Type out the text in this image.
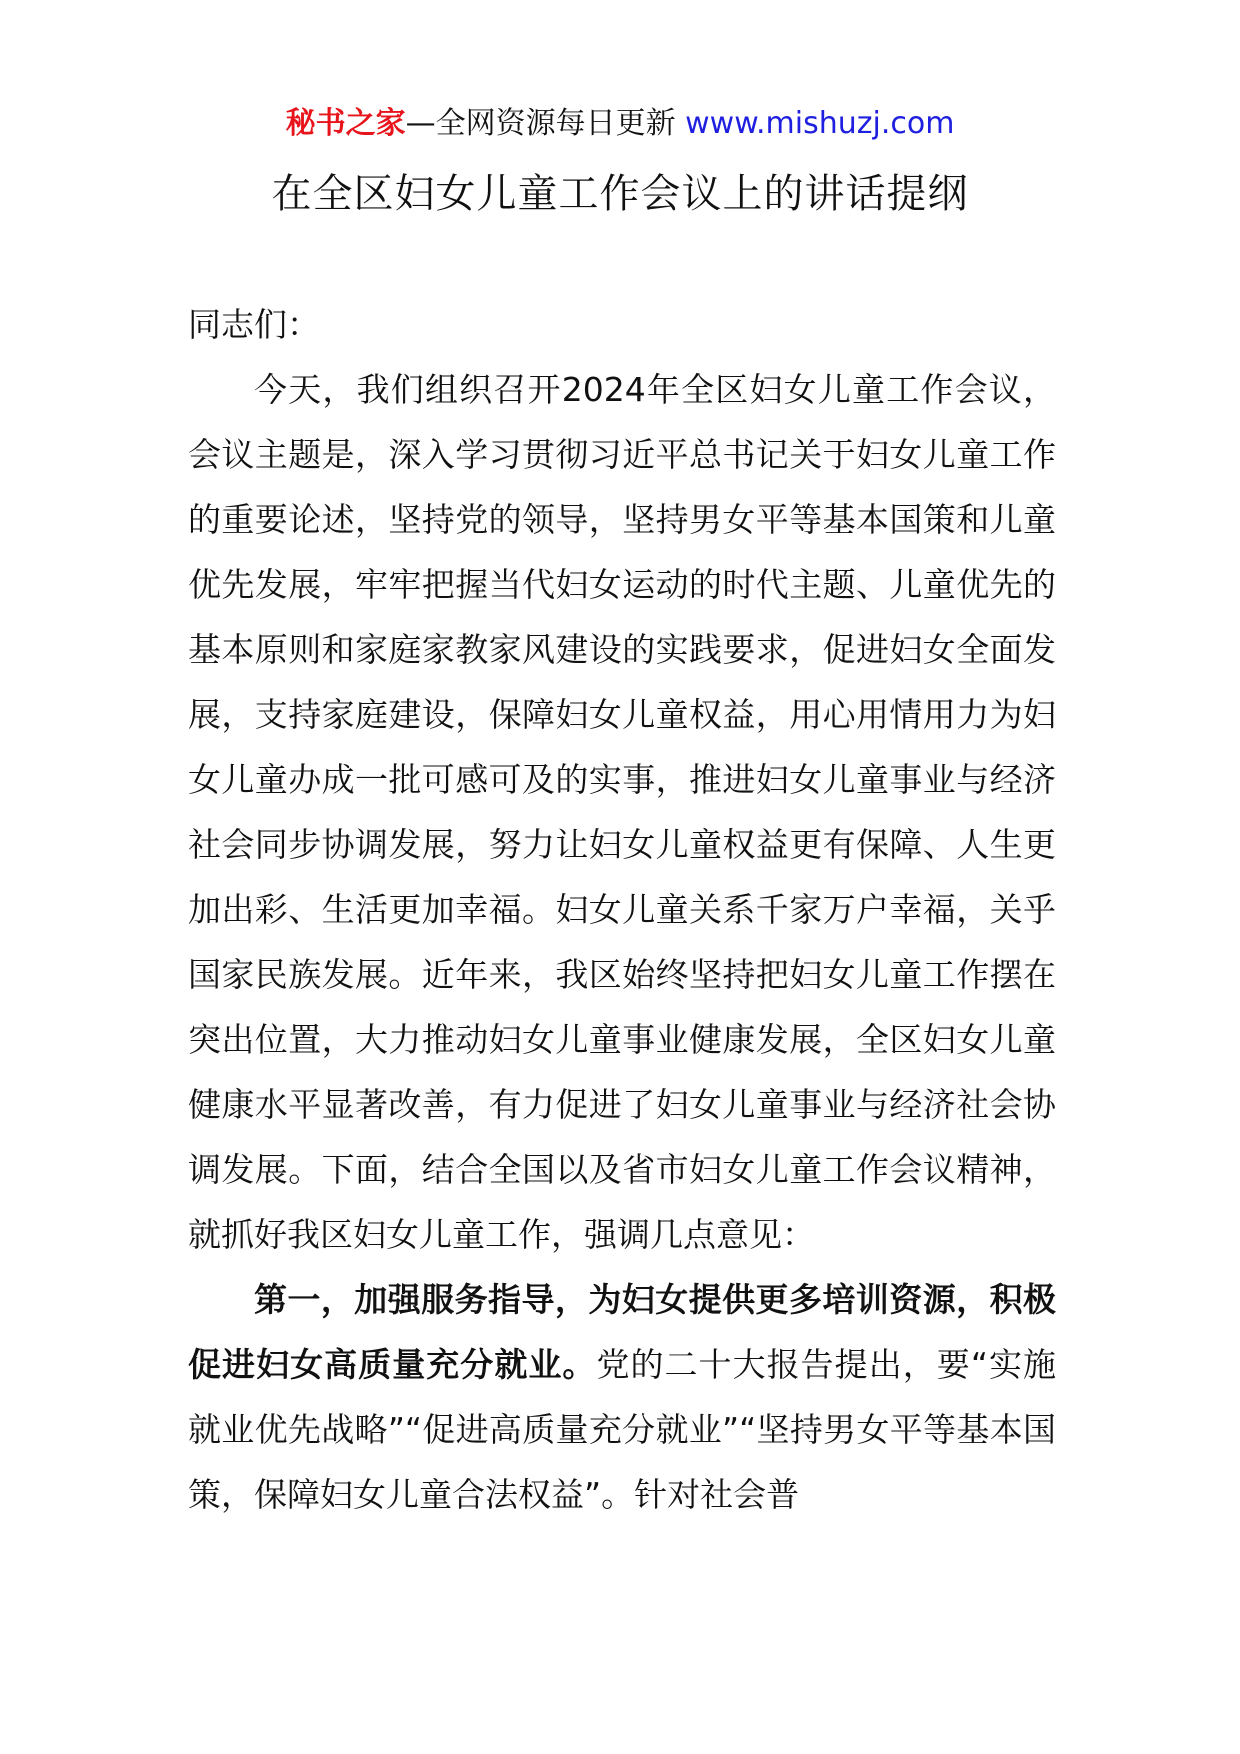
秘书之家—全网资源每日更新 www.mishuzj.com
在全区妇女儿童工作会议上的讲话提纲

同志们：

今天，我们组织召开2024年全区妇女儿童工作会议，会议主题是，深入学习贯彻习近平总书记关于妇女儿童工作的重要论述，坚持党的领导，坚持男女平等基本国策和儿童优先发展，牢牢把握当代妇女运动的时代主题、儿童优先的基本原则和家庭家教家风建设的实践要求，促进妇女全面发展，支持家庭建设，保障妇女儿童权益，用心用情用力为妇女儿童办成一批可感可及的实事，推进妇女儿童事业与经济社会同步协调发展，努力让妇女儿童权益更有保障、人生更加出彩、生活更加幸福。妇女儿童关系千家万户幸福，关乎国家民族发展。近年来，我区始终坚持把妇女儿童工作摆在突出位置，大力推动妇女儿童事业健康发展，全区妇女儿童健康水平显著改善，有力促进了妇女儿童事业与经济社会协调发展。下面，结合全国以及省市妇女儿童工作会议精神，就抓好我区妇女儿童工作，强调几点意见：

第一，加强服务指导，为妇女提供更多培训资源，积极促进妇女高质量充分就业。党的二十大报告提出，要“实施就业优先战略”“促进高质量充分就业”“坚持男女平等基本国策，保障妇女儿童合法权益”。针对社会普
